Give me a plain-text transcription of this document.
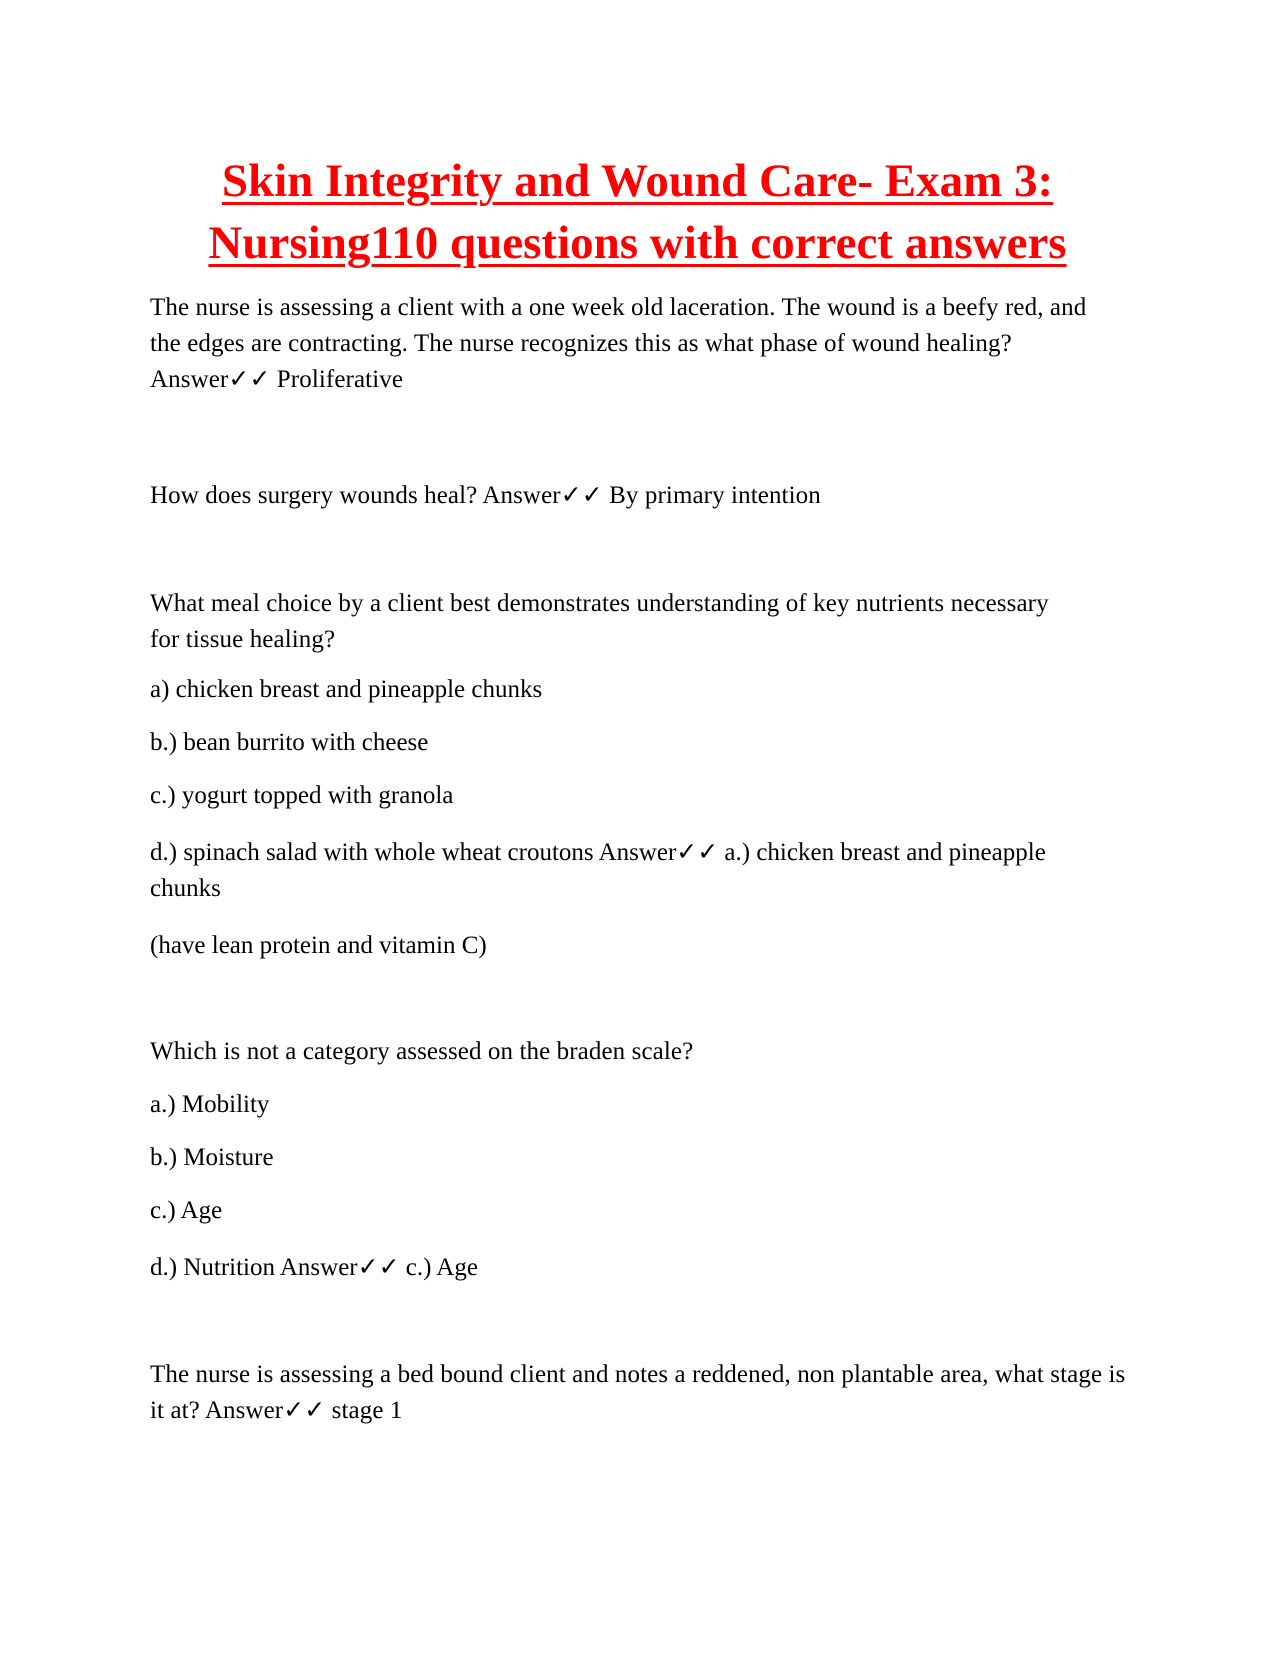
Skin Integrity and Wound Care- Exam 3:
Nursing110 questions with correct answers

The nurse is assessing a client with a one week old laceration. The wound is a beefy red, and the edges are contracting. The nurse recognizes this as what phase of wound healing? Answer✓✓ Proliferative

How does surgery wounds heal? Answer✓✓ By primary intention

What meal choice by a client best demonstrates understanding of key nutrients necessary for tissue healing?

a) chicken breast and pineapple chunks

b.) bean burrito with cheese

c.) yogurt topped with granola

d.) spinach salad with whole wheat croutons Answer✓✓ a.) chicken breast and pineapple chunks

(have lean protein and vitamin C)

Which is not a category assessed on the braden scale?

a.) Mobility

b.) Moisture

c.) Age

d.) Nutrition Answer✓✓ c.) Age

The nurse is assessing a bed bound client and notes a reddened, non plantable area, what stage is it at? Answer✓✓ stage 1
